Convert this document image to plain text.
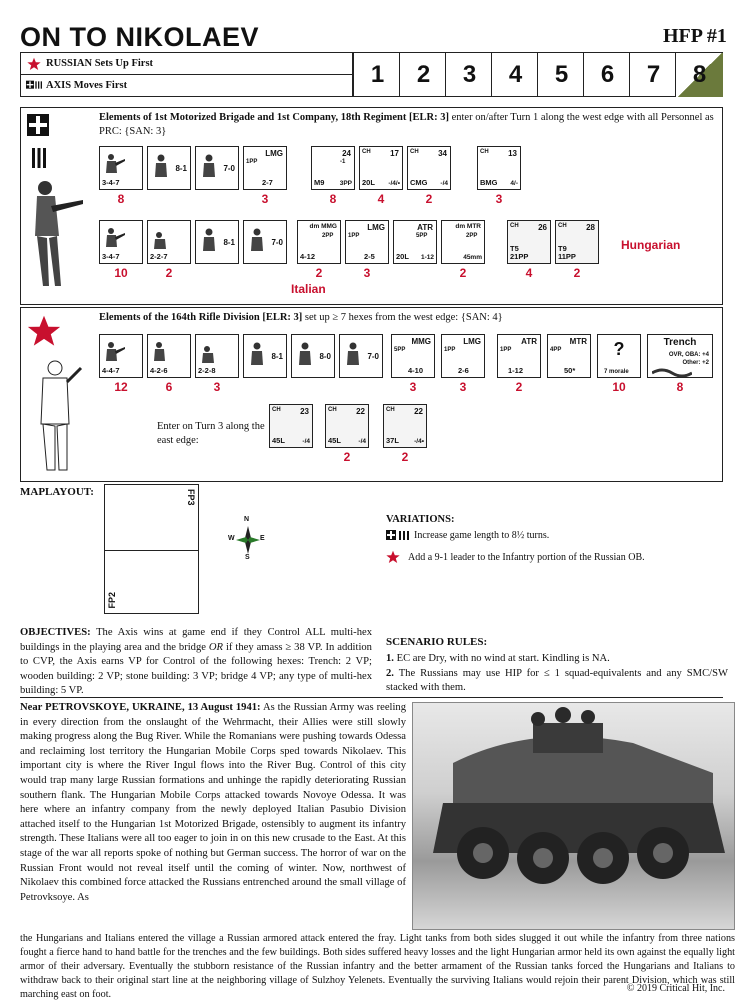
ON TO NIKOLAEV	HFP #1
RUSSIAN Sets Up First
AXIS Moves First	1	2	3	4	5	6	7	8
Elements of 1st Motorized Brigade and 1st Company, 18th Regiment [ELR: 3] enter on/after Turn 1 along the west edge with all Personnel as PRC: {SAN: 3}
3-4-7
8-1	7-0
LMG
1PP
2-7
24
-1
M9 3PP
CH 17
20L -/4/•
CH 34
CMG -/4
CH 13
BMG 4/-
8	3	8	4	2	3
3-4-7	2-2-7
8-1	7-0
dm MMG
2PP
4-12
LMG
1PP
2-5
ATR
5PP
20L 1-12
dm MTR
2PP
45mm
CH 26
T5
21PP
CH 28
T9
11PP
10	2	2	3	2	4	2
Italian
Hungarian
Elements of the 164th Rifle Division [ELR: 3] set up ≥ 7 hexes from the west edge: {SAN: 4}
4-4-7	4-2-6	2-2-8
8-1	8-0	7-0
MMG
5PP
4-10
LMG
1PP
2-6
ATR
1PP
1-12
MTR
4PP
50*
?
7 morale
Trench
OVR, OBA: +4
Other: +2
12	6	3	3	3	2	10	8
Enter on Turn 3 along the east edge:
CH 23
45L	-/4
CH 22
45L	-/4
CH 22
37L -/4•
2	2
MAPLAYOUT:	FP3
FP2
N
S
E
W
VARIATIONS:
Increase game length to 8½ turns.
Add a 9-1 leader to the Infantry portion of the Russian OB.
OBJECTIVES: The Axis wins at game end if they Control ALL multi-hex buildings in the playing area and the bridge OR if they amass ≥ 38 VP. In addition to CVP, the Axis earns VP for Control of the following hexes: Trench: 2 VP; wooden building: 2 VP; stone building: 3 VP; bridge 4 VP; any type of multi-hex building: 5 VP.
SCENARIO RULES:
1. EC are Dry, with no wind at start. Kindling is NA.
2. The Russians may use HIP for ≤ 1 squad-equivalents and any SMC/SW stacked with them.
Near PETROVSKOYE, UKRAINE, 13 August 1941: As the Russian Army was reeling in every direction from the onslaught of the Wehrmacht, their Allies were still slowly making progress along the Bug River. While the Romanians were pushing towards Odessa and reclaiming lost territory the Hungarian Mobile Corps sped towards Nikolaev. This important city is where the River Ingul flows into the River Bug. Control of this city would trap many large Russian formations and unhinge the rapidly deteriorating Russian southern flank. The Hungarian Mobile Corps attacked towards Novoye Odessa. It was here where an infantry company from the newly deployed Italian Pasubio Division attached itself to the Hungarian 1st Motorized Brigade, ostensibly to augment its infantry strength. These Italians were all too eager to join in on this new crusade to the East. At this stage of the war all reports spoke of nothing but German success. The horror of war on the Russian Front would not reveal itself until the coming of winter. Now, northwest of Nikolaev this combined force attacked the Russians entrenched around the small village of Petrovksoye. As
the Hungarians and Italians entered the village a Russian armored attack entered the fray. Light tanks from both sides slugged it out while the infantry from three nations fought a fierce hand to hand battle for the trenches and the few buildings. Both sides suffered heavy losses and the light Hungarian armor held its own against the equally light armor of their adversary. Eventually the stubborn resistance of the Russian infantry and the better armament of the Russian tanks forced the Hungarians and Italians to withdraw back to their original start line at the neighboring village of Sulzhoy Yelenets. Eventually the surviving Italians would rejoin their parent Division, which was still marching east on foot.
© 2019 Critical Hit, Inc.
